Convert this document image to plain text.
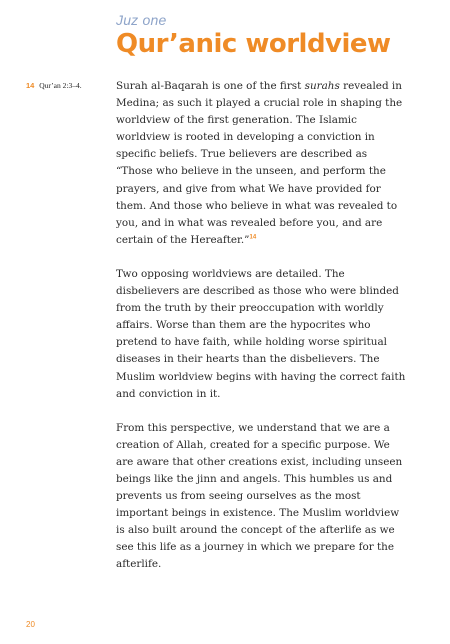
Juz one
Qur’anic worldview
14 Qur’an 2:3–4.	Surah al-Baqarah is one of the first surahs revealed in Medina; as such it played a crucial role in shaping the worldview of the first generation. The Islamic worldview is rooted in developing a conviction in specific beliefs. True believers are described as “Those who believe in the unseen, and perform the prayers, and give from what We have provided for them. And those who believe in what was revealed to you, and in what was revealed before you, and are certain of the Hereafter.”$^{14}$

Two opposing worldviews are detailed. The disbelievers are described as those who were blinded from the truth by their preoccupation with worldly affairs. Worse than them are the hypocrites who pretend to have faith, while holding worse spiritual diseases in their hearts than the disbelievers. The Muslim worldview begins with having the correct faith and conviction in it.

From this perspective, we understand that we are a creation of Allah, created for a specific purpose. We are aware that other creations exist, including unseen beings like the jinn and angels. This humbles us and prevents us from seeing ourselves as the most important beings in existence. The Muslim worldview is also built around the concept of the afterlife as we see this life as a journey in which we prepare for the afterlife.

20
